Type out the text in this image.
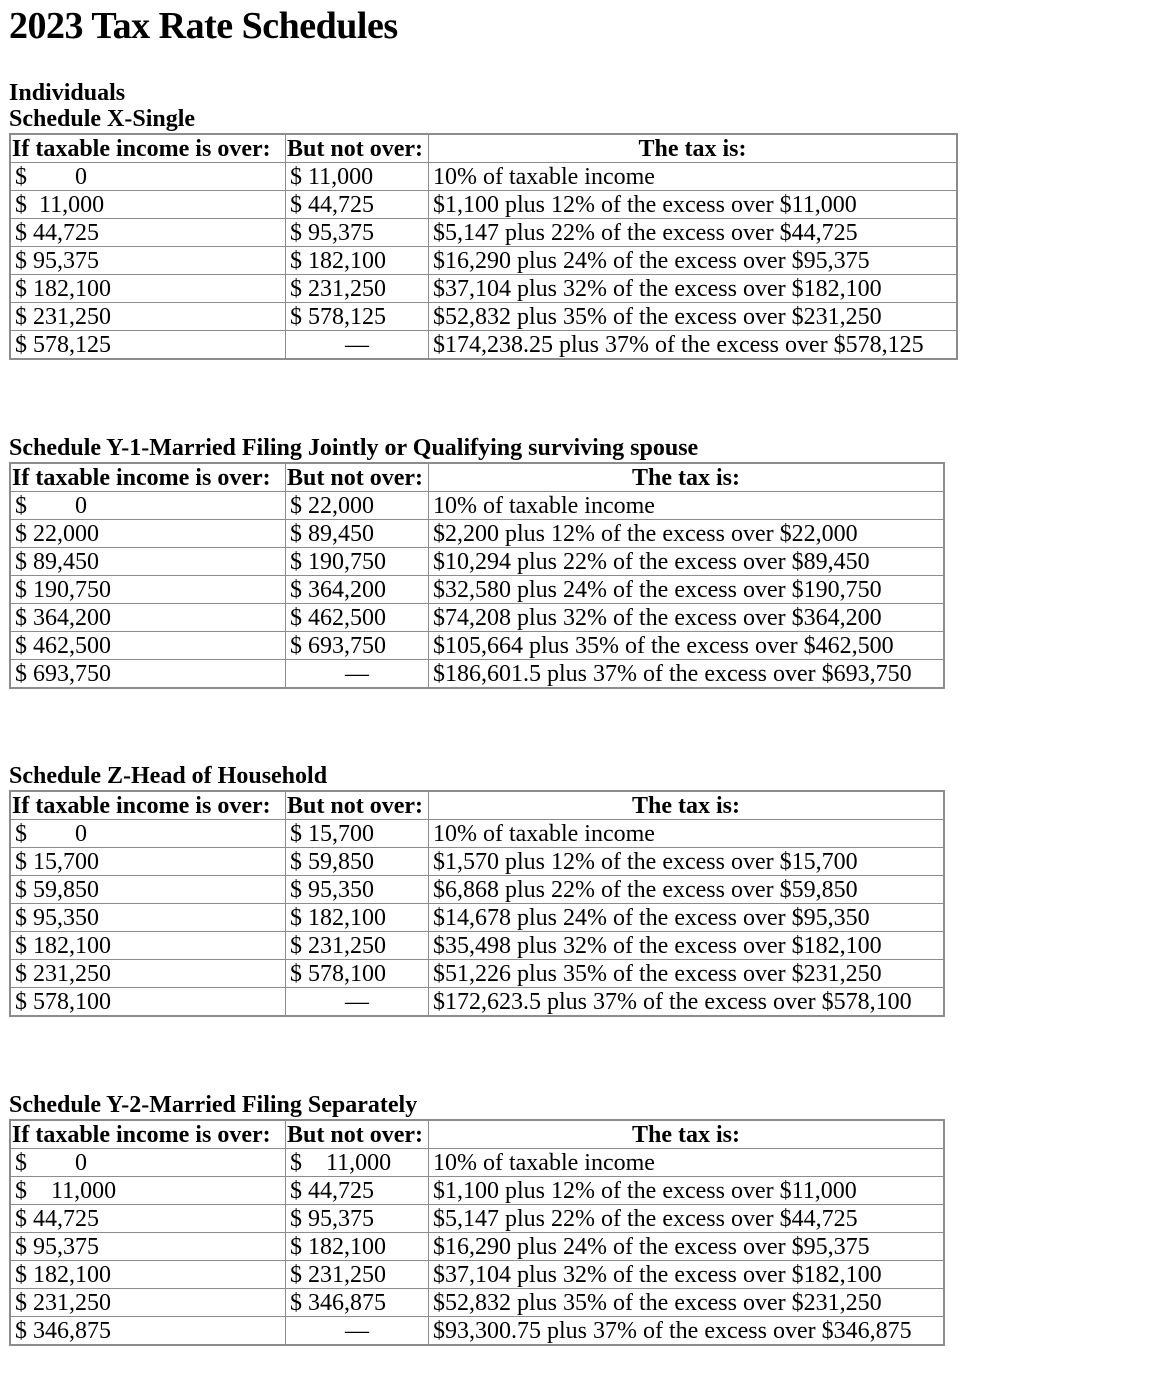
2023 Tax Rate Schedules
Individuals
Schedule X-Single
If taxable income is over:	But not over:	The tax is:
$        0	$ 11,000	10% of taxable income
$  11,000	$ 44,725	$1,100 plus 12% of the excess over $11,000
$ 44,725	$ 95,375	$5,147 plus 22% of the excess over $44,725
$ 95,375	$ 182,100	$16,290 plus 24% of the excess over $95,375
$ 182,100	$ 231,250	$37,104 plus 32% of the excess over $182,100
$ 231,250	$ 578,125	$52,832 plus 35% of the excess over $231,250
$ 578,125	—	$174,238.25 plus 37% of the excess over $578,125
Schedule Y-1-Married Filing Jointly or Qualifying surviving spouse
If taxable income is over:	But not over:	The tax is:
$        0	$ 22,000	10% of taxable income
$ 22,000	$ 89,450	$2,200 plus 12% of the excess over $22,000
$ 89,450	$ 190,750	$10,294 plus 22% of the excess over $89,450
$ 190,750	$ 364,200	$32,580 plus 24% of the excess over $190,750
$ 364,200	$ 462,500	$74,208 plus 32% of the excess over $364,200
$ 462,500	$ 693,750	$105,664 plus 35% of the excess over $462,500
$ 693,750	—	$186,601.5 plus 37% of the excess over $693,750
Schedule Z-Head of Household
If taxable income is over:	But not over:	The tax is:
$        0	$ 15,700	10% of taxable income
$ 15,700	$ 59,850	$1,570 plus 12% of the excess over $15,700
$ 59,850	$ 95,350	$6,868 plus 22% of the excess over $59,850
$ 95,350	$ 182,100	$14,678 plus 24% of the excess over $95,350
$ 182,100	$ 231,250	$35,498 plus 32% of the excess over $182,100
$ 231,250	$ 578,100	$51,226 plus 35% of the excess over $231,250
$ 578,100	—	$172,623.5 plus 37% of the excess over $578,100
Schedule Y-2-Married Filing Separately
If taxable income is over:	But not over:	The tax is:
$        0	$    11,000	10% of taxable income
$    11,000	$ 44,725	$1,100 plus 12% of the excess over $11,000
$ 44,725	$ 95,375	$5,147 plus 22% of the excess over $44,725
$ 95,375	$ 182,100	$16,290 plus 24% of the excess over $95,375
$ 182,100	$ 231,250	$37,104 plus 32% of the excess over $182,100
$ 231,250	$ 346,875	$52,832 plus 35% of the excess over $231,250
$ 346,875	—	$93,300.75 plus 37% of the excess over $346,875
